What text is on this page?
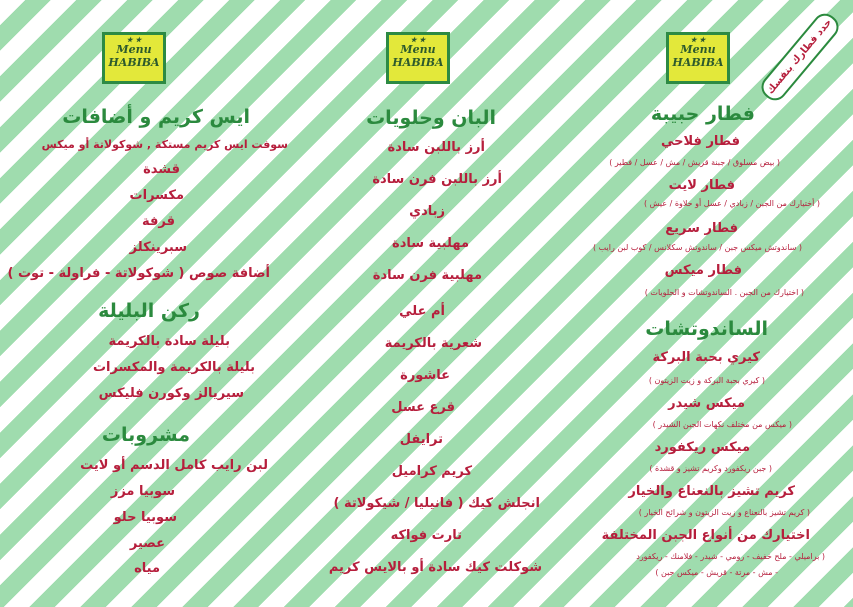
★ ★
Menu
HABIBA
★ ★
Menu
HABIBA
★ ★
Menu
HABIBA	حدد فطارك بنفسك
فطار حبيبة
فطار فلاحي
( بيض مسلوق / جبنة قريش / مش / عسل / فطير )
فطار لايت
( أختيارك من الجبن / زبادي / عسل أو حلاوة / عيش )
فطار سريع
( ساندوتش ميكس جبن / ساندوتش سكلانس / كوب لبن رايب )
فطار ميكس
( اختيارك من الجبن . الساندوتشات و الحلويات )
الساندوتشات
كيري بحبة البركة
( كيري بحبة البركة و زيت الزيتون )
ميكس شيدر
( ميكس من مختلف نكهات الجبن الشيدر )
ميكس ريكفورد
( جبن ريكفورد وكريم تشيز و قشدة )
كريم تشيز بالنعناع والخيار
( كريم تشيز بالنعناع و زيت الزيتون و شرائح الخيار )
اختيارك من أنواع الجبن المختلفة
( براميلي - ملح خفيف - رومي - شيدر - فلامنك - ريكفورد
- مش - مرتة - قريش - ميكس جبن )
البان وحلويات
أرز باللبن سادة
أرز باللبن فرن سادة
زبادي
مهلبية سادة
مهلبية فرن سادة
أم علي
شعرية بالكريمة
عاشورة
قرع عسل
ترايفل
كريم كراميل
انجلش كيك ( فانيليا / شيكولاتة )
تارت فواكه
شوكلت كيك سادة أو بالايس كريم
ايس كريم و أضافات
سوفت ايس كريم مستكة , شوكولاتة أو ميكس
قشدة
مكسرات
قرفة
سبرينكلز
أضافة صوص ( شوكولاتة - فراولة - توت )
ركن البليلة
بليلة سادة بالكريمة
بليلة بالكريمة والمكسرات
سيريالز وكورن فليكس
مشروبات
لبن رايب كامل الدسم أو لايت
سوبيا مزز
سوبيا حلو
عصير
مياه
